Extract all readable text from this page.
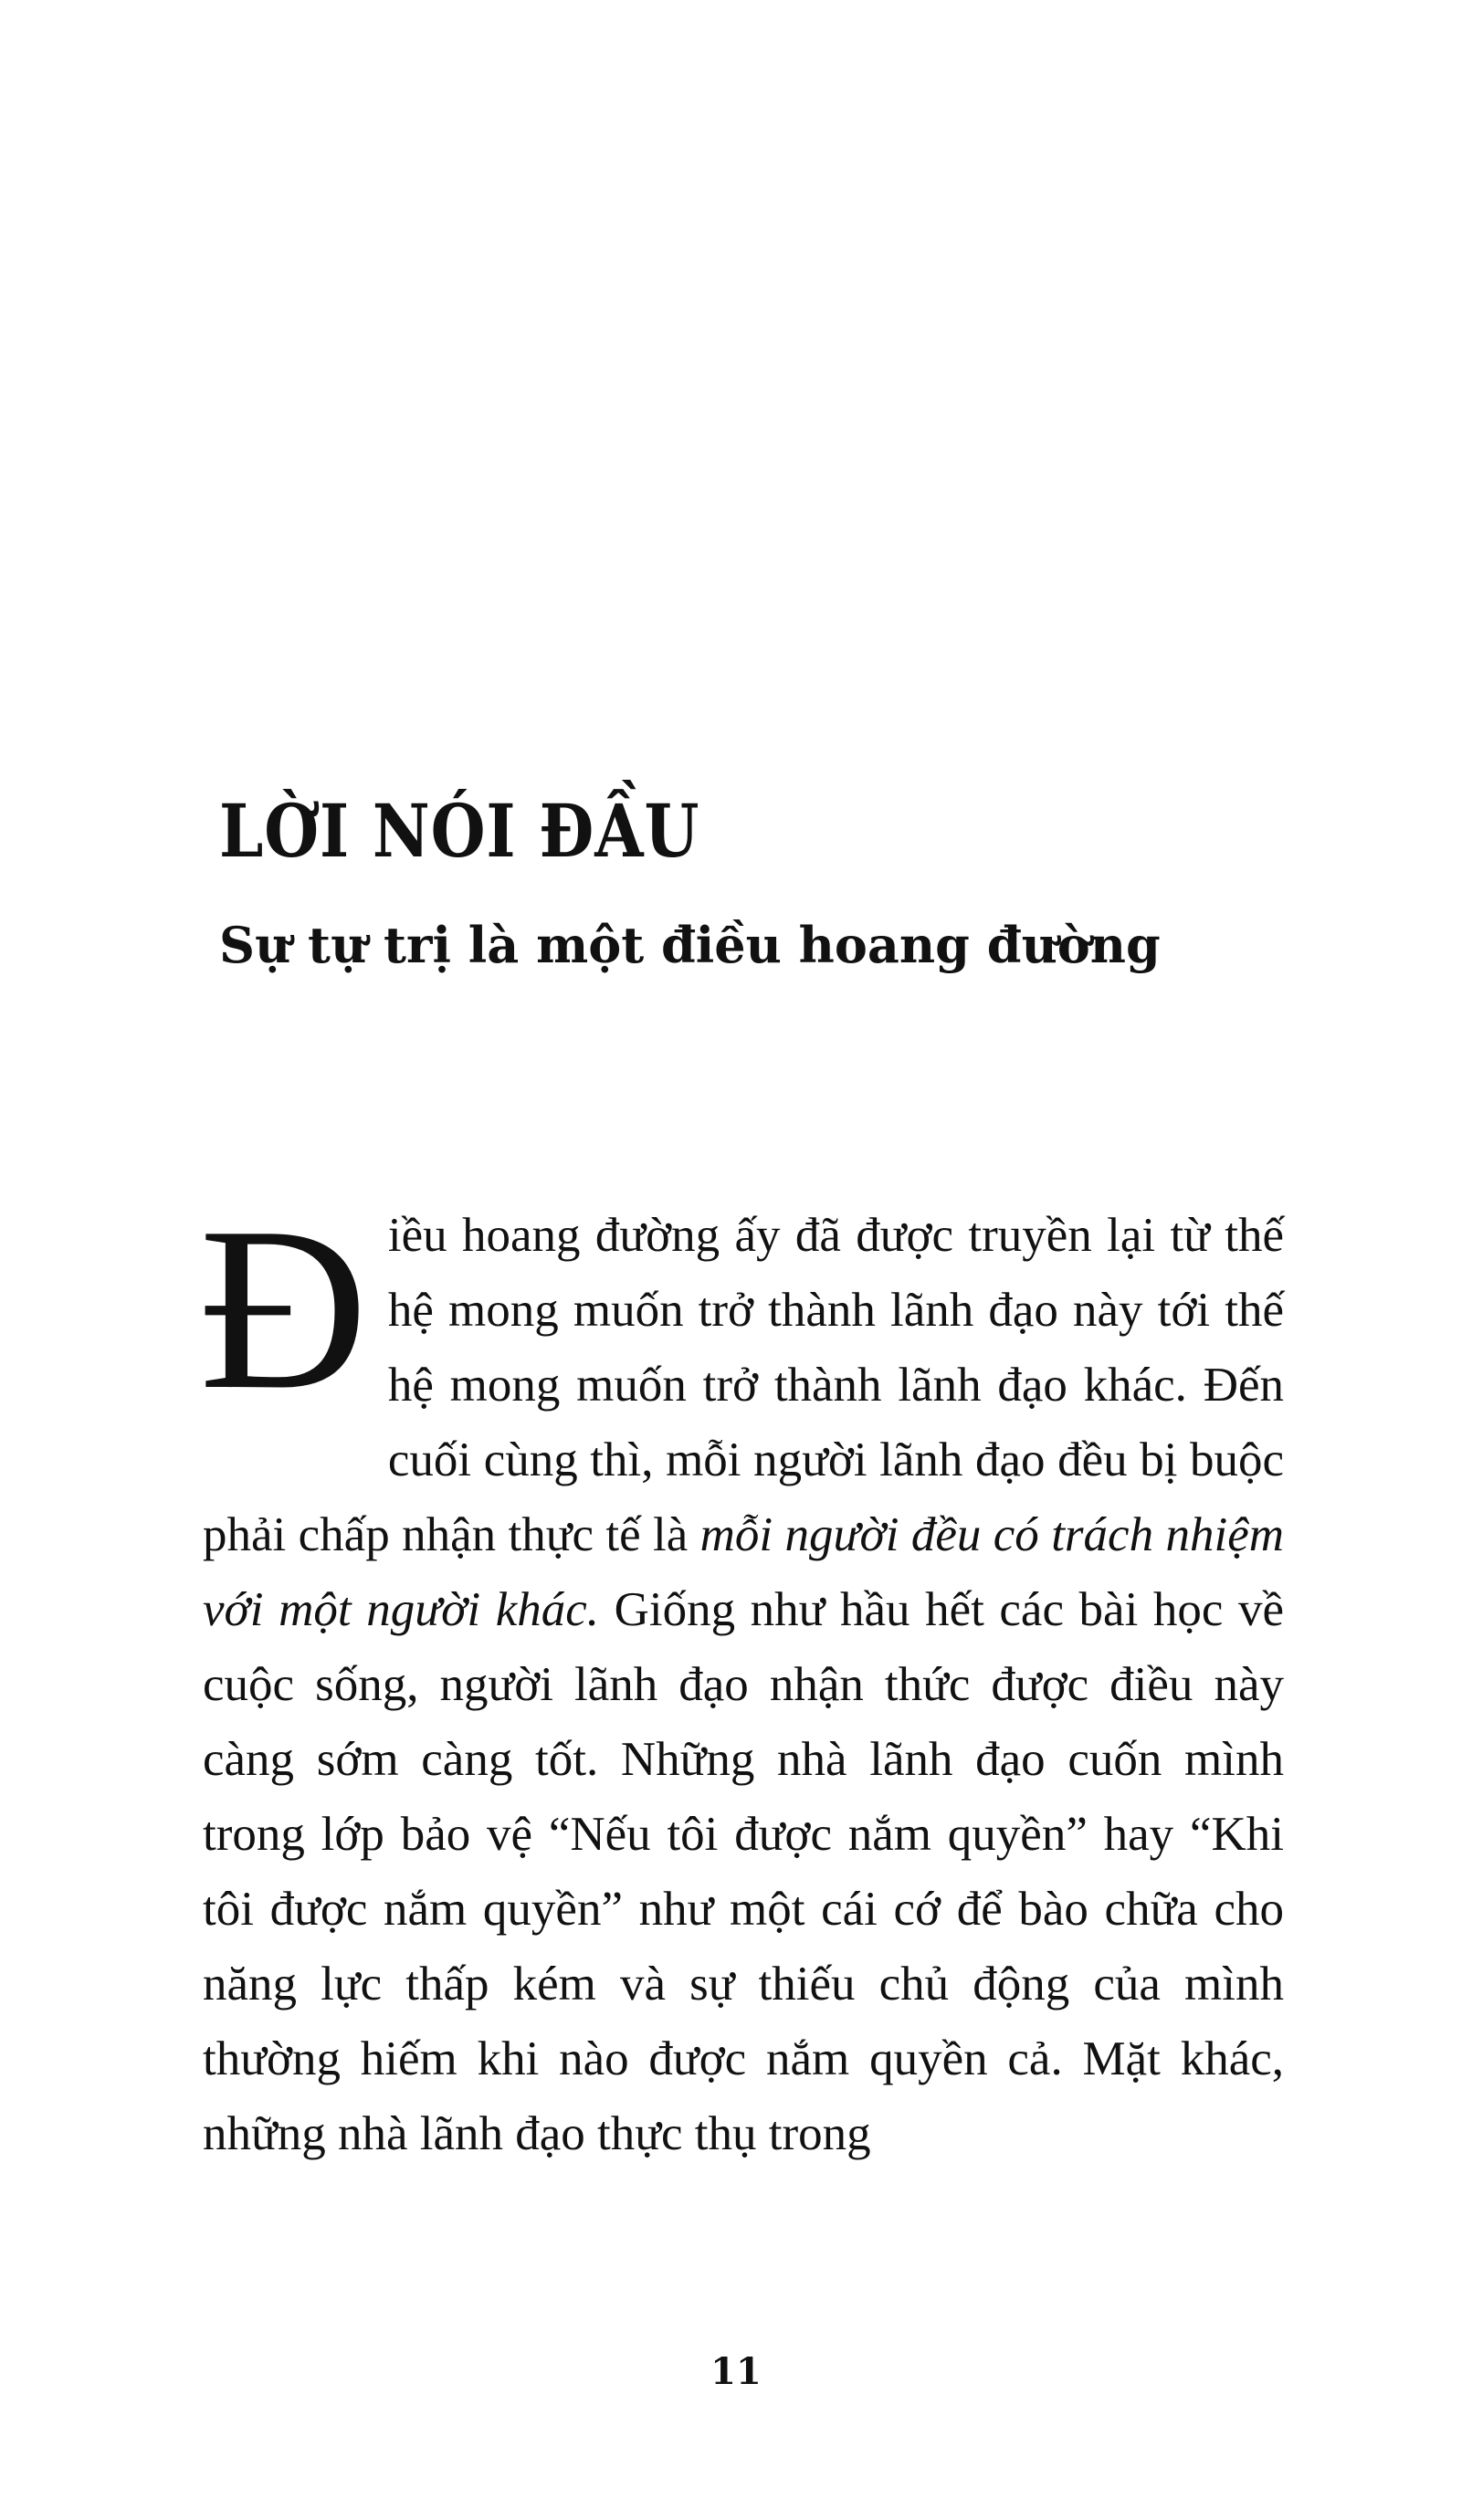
LỜI NÓI ĐẦU
Sự tự trị là một điều hoang đường

Điều hoang đường ấy đã được truyền lại từ thế hệ mong muốn trở thành lãnh đạo này tới thế hệ mong muốn trở thành lãnh đạo khác. Đến cuối cùng thì, mỗi người lãnh đạo đều bị buộc phải chấp nhận thực tế là mỗi người đều có trách nhiệm với một người khác. Giống như hầu hết các bài học về cuộc sống, người lãnh đạo nhận thức được điều này càng sớm càng tốt. Những nhà lãnh đạo cuốn mình trong lớp bảo vệ “Nếu tôi được nắm quyền” hay “Khi tôi được nắm quyền” như một cái cớ để bào chữa cho năng lực thấp kém và sự thiếu chủ động của mình thường hiếm khi nào được nắm quyền cả. Mặt khác, những nhà lãnh đạo thực thụ trong

11
